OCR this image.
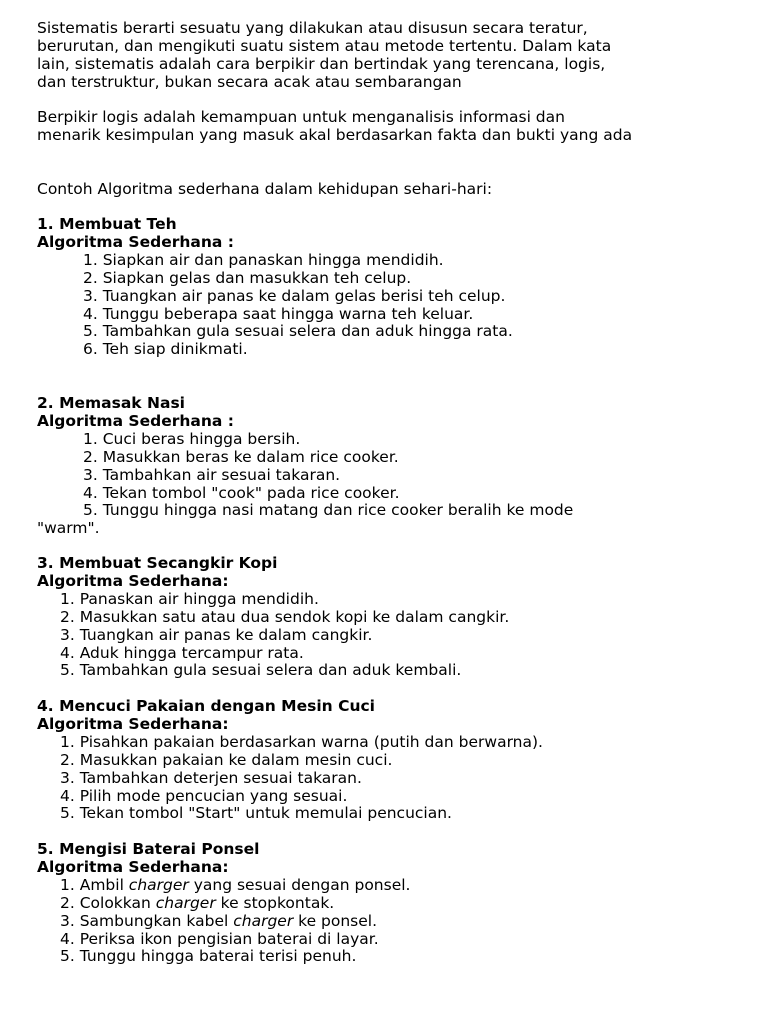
Sistematis berarti sesuatu yang dilakukan atau disusun secara teratur,
berurutan, dan mengikuti suatu sistem atau metode tertentu. Dalam kata
lain, sistematis adalah cara berpikir dan bertindak yang terencana, logis,
dan terstruktur, bukan secara acak atau sembarangan
Berpikir logis adalah kemampuan untuk menganalisis informasi dan
menarik kesimpulan yang masuk akal berdasarkan fakta dan bukti yang ada
Contoh Algoritma sederhana dalam kehidupan sehari-hari:
1. Membuat Teh
Algoritma Sederhana :
1. Siapkan air dan panaskan hingga mendidih.
2. Siapkan gelas dan masukkan teh celup.
3. Tuangkan air panas ke dalam gelas berisi teh celup.
4. Tunggu beberapa saat hingga warna teh keluar.
5. Tambahkan gula sesuai selera dan aduk hingga rata.
6. Teh siap dinikmati.
2. Memasak Nasi
Algoritma Sederhana :
1. Cuci beras hingga bersih.
2. Masukkan beras ke dalam rice cooker.
3. Tambahkan air sesuai takaran.
4. Tekan tombol "cook" pada rice cooker.
5. Tunggu hingga nasi matang dan rice cooker beralih ke mode
"warm".
3. Membuat Secangkir Kopi
Algoritma Sederhana:
1. Panaskan air hingga mendidih.
2. Masukkan satu atau dua sendok kopi ke dalam cangkir.
3. Tuangkan air panas ke dalam cangkir.
4. Aduk hingga tercampur rata.
5. Tambahkan gula sesuai selera dan aduk kembali.
4. Mencuci Pakaian dengan Mesin Cuci
Algoritma Sederhana:
1. Pisahkan pakaian berdasarkan warna (putih dan berwarna).
2. Masukkan pakaian ke dalam mesin cuci.
3. Tambahkan deterjen sesuai takaran.
4. Pilih mode pencucian yang sesuai.
5. Tekan tombol "Start" untuk memulai pencucian.
5. Mengisi Baterai Ponsel
Algoritma Sederhana:
1. Ambil charger yang sesuai dengan ponsel.
2. Colokkan charger ke stopkontak.
3. Sambungkan kabel charger ke ponsel.
4. Periksa ikon pengisian baterai di layar.
5. Tunggu hingga baterai terisi penuh.
